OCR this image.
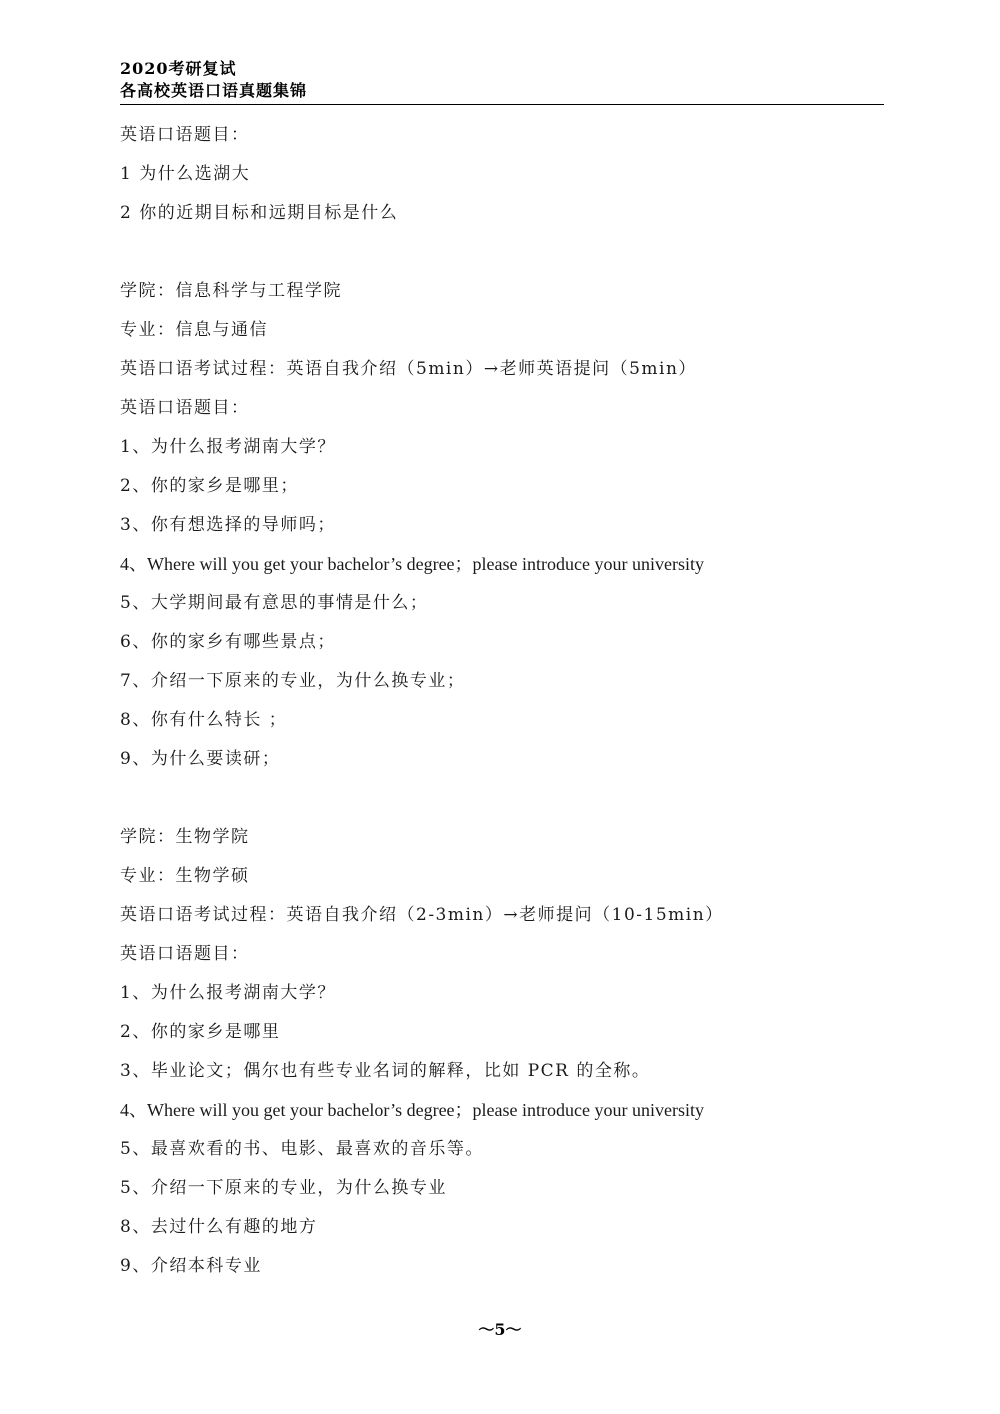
2020考研复试
各高校英语口语真题集锦
英语口语题目：
1 为什么选湖大
2 你的近期目标和远期目标是什么
学院：信息科学与工程学院
专业：信息与通信
英语口语考试过程：英语自我介绍（5min）→老师英语提问（5min）
英语口语题目：
1、为什么报考湖南大学？
2、你的家乡是哪里；
3、你有想选择的导师吗；
4、Where will you get your bachelor’s degree；please introduce your university
5、大学期间最有意思的事情是什么；
6、你的家乡有哪些景点；
7、介绍一下原来的专业，为什么换专业；
8、你有什么特长 ；
9、为什么要读研；
学院：生物学院
专业：生物学硕
英语口语考试过程：英语自我介绍（2-3min）→老师提问（10-15min）
英语口语题目：
1、为什么报考湖南大学？
2、你的家乡是哪里
3、毕业论文；偶尔也有些专业名词的解释，比如 PCR 的全称。
4、Where will you get your bachelor’s degree；please introduce your university
5、最喜欢看的书、电影、最喜欢的音乐等。
5、介绍一下原来的专业，为什么换专业
8、去过什么有趣的地方
9、介绍本科专业
～5～
